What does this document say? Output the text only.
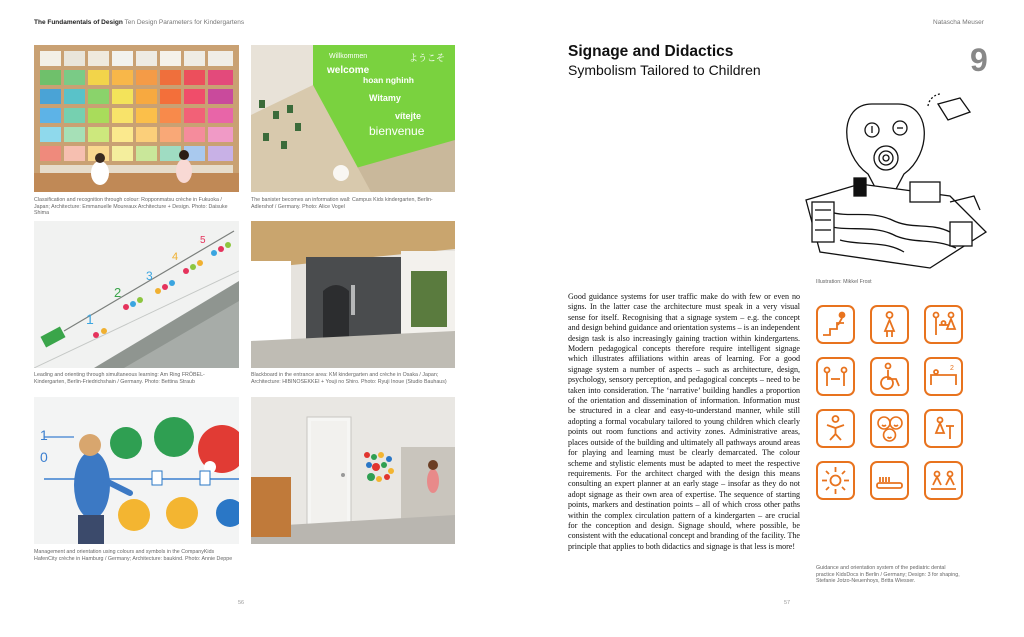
The Fundamentals of Design Ten Design Parameters for Kindergartens	Natascha Meuser
Classification and recognition through colour: Ropponmatsu crèche in Fukuoka / Japan; Architecture: Emmanuelle Moureaux Architecture + Design. Photo: Daisuke Shima
Willkommen
welcome
hoan nghinh
Witamy
vítejte
bienvenue
ようこそ
The banister becomes an information wall: Campus Kids kindergarten, Berlin-Adlershof / Germany. Photo: Alice Vogel
1
2
3
4
5
Leading and orienting through simultaneous learning: Am Ring FRÖBEL-Kindergarten, Berlin-Friedrichshain / Germany. Photo: Bettina Straub
Blackboard in the entrance area: KM kindergarten and crèche in Osaka / Japan; Architecture: HIBINOSEKKEI + Youji no Shiro. Photo: Ryuji Inoue (Studio Bauhaus)
1
0
Management and orientation using colours and symbols in the CompanyKids HafenCity crèche in Hamburg / Germany; Architecture: baukind. Photo: Annie Deppe
56	57
Signage and Didactics
Symbolism Tailored to Children	9
Illustration: Mikkel Frost
Good guidance systems for user traffic make do with few or even no signs. In the latter case the architecture must speak in a very visual sense for itself. Recognising that a signage system – e.g. the concept and design behind guidance and orientation systems – is an independent design task is also increasingly gaining traction within kindergartens. Modern pedagogical concepts therefore require intelligent signage which illustrates affiliations within areas of learning. For a good signage system a number of aspects – such as architecture, design, psychology, sensory perception, and pedagogical concepts – need to be taken into consideration. The ‘narrative’ building handles a proportion of the orientation and dissemination of information. Information must be structured in a clear and easy-to-understand manner, while still adopting a formal vocabulary tailored to young children which clearly points out room functions and activity zones. Administrative areas, places outside of the building and ultimately all pathways around areas for playing and learning must be clearly demarcated. The colour scheme and stylistic elements must be adapted to meet the respective requirements. For the architect charged with the design this means consulting an expert planner at an early stage – insofar as they do not adopt signage as their own area of expertise. The sequence of starting points, markers and destination points – all of which cross other paths within the complex circulation pattern of a kindergarten – are crucial for the conception and design. Signage should, where possible, be consistent with the educational concept and branding of the facility. The principle that applies to both didactics and signage is that less is more!
2
Guidance and orientation system of the pediatric dental practice KidsDocs in Berlin / Germany; Design: 3 for shaping, Stefanie Jotzo-Neuenhoys, Britta Wiesser.
